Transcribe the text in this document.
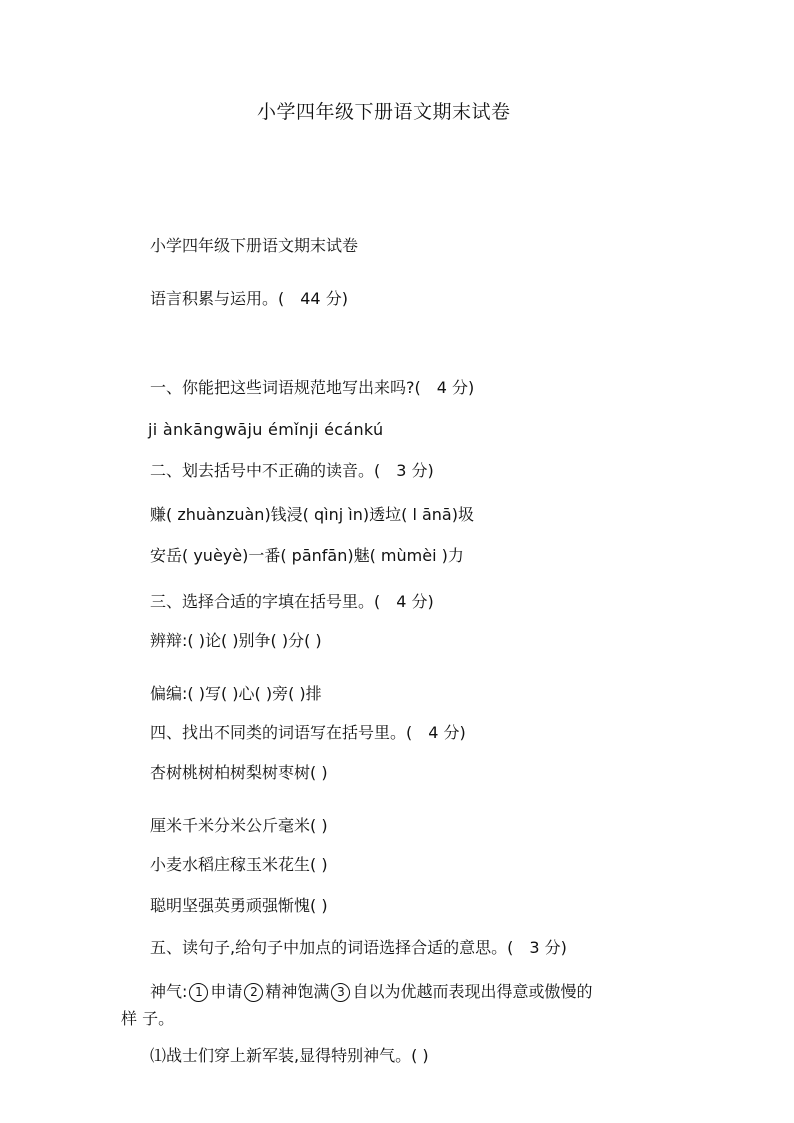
小学四年级下册语文期末试卷
小学四年级下册语文期末试卷
语言积累与运用。(　44 分)
一、你能把这些词语规范地写出来吗?(　4 分)
ji ànkāngwāju émǐnji écánkú
二、划去括号中不正确的读音。(　3 分)
赚( zhuànzuàn)钱浸( qìnj ìn)透垃( l ānā)圾
安岳( yuèyè)一番( pānfān)魅( mùmèi )力
三、选择合适的字填在括号里。(　4 分)
辨辩:( )论( )别争( )分( )
偏编:( )写( )心( )旁( )排
四、找出不同类的词语写在括号里。(　4 分)
杏树桃树柏树梨树枣树( )
厘米千米分米公斤毫米( )
小麦水稻庄稼玉米花生( )
聪明坚强英勇顽强惭愧( )
五、读句子,给句子中加点的词语选择合适的意思。(　3 分)
神气: 1 申请 2 精神饱满 3 自以为优越而表现出得意或傲慢的
样 子。
⑴战士们穿上新军装,显得特别神气。( )
